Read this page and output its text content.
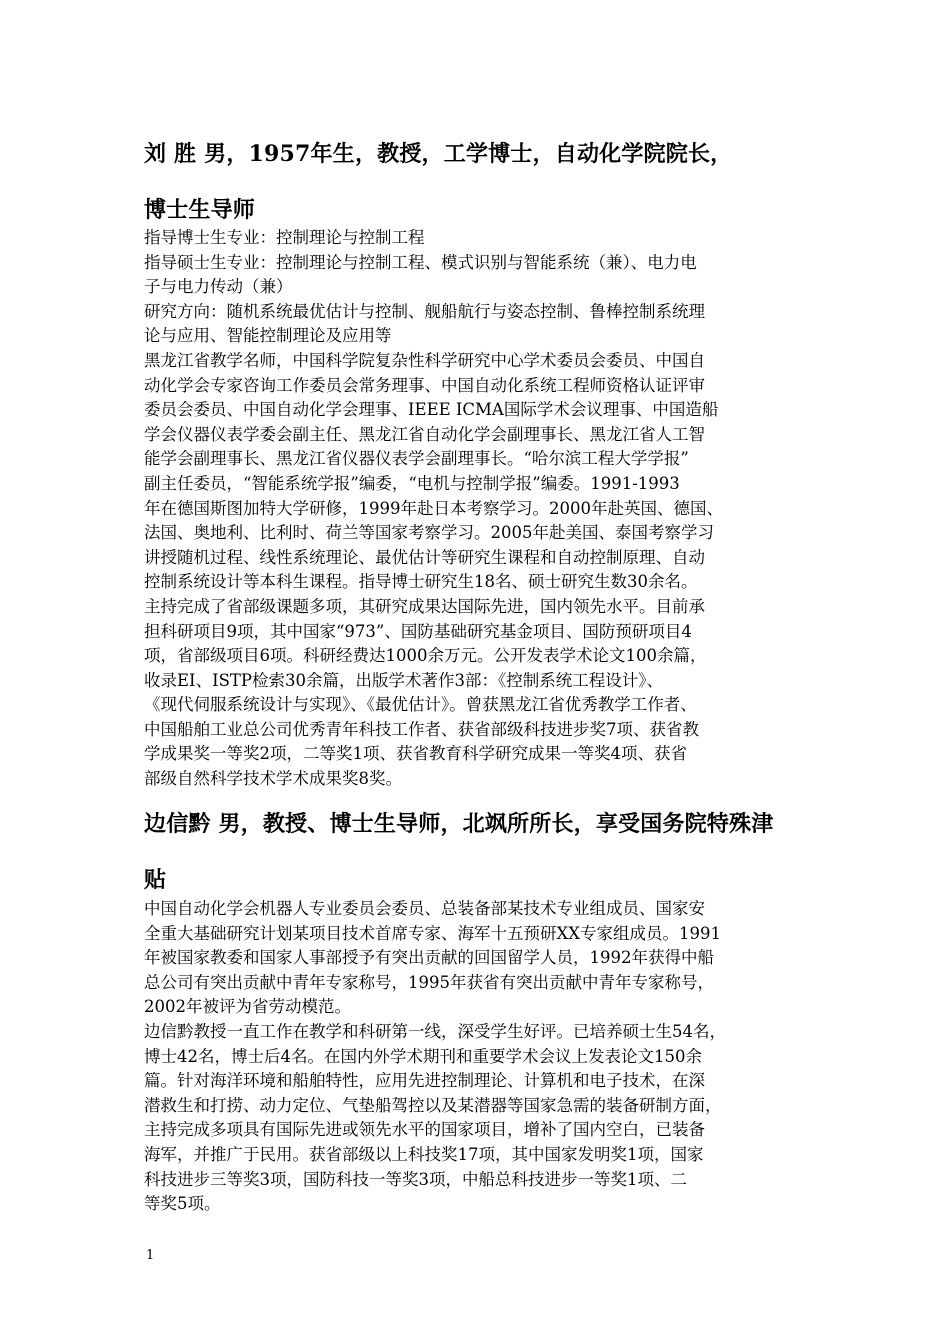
刘 胜 男，1957年生，教授，工学博士，自动化学院院长，
博士生导师
指导博士生专业：控制理论与控制工程
指导硕士生专业：控制理论与控制工程、模式识别与智能系统（兼）、电力电
子与电力传动（兼）
研究方向：随机系统最优估计与控制、舰船航行与姿态控制、鲁棒控制系统理
论与应用、智能控制理论及应用等
黑龙江省教学名师，中国科学院复杂性科学研究中心学术委员会委员、中国自
动化学会专家咨询工作委员会常务理事、中国自动化系统工程师资格认证评审
委员会委员、中国自动化学会理事、IEEE ICMA国际学术会议理事、中国造船
学会仪器仪表学委会副主任、黑龙江省自动化学会副理事长、黑龙江省人工智
能学会副理事长、黑龙江省仪器仪表学会副理事长。“哈尔滨工程大学学报”
副主任委员，“智能系统学报”编委，“电机与控制学报”编委。1991-1993
年在德国斯图加特大学研修，1999年赴日本考察学习。2000年赴英国、德国、
法国、奥地利、比利时、荷兰等国家考察学习。2005年赴美国、泰国考察学习
讲授随机过程、线性系统理论、最优估计等研究生课程和自动控制原理、自动
控制系统设计等本科生课程。指导博士研究生18名、硕士研究生数30余名。
主持完成了省部级课题多项，其研究成果达国际先进，国内领先水平。目前承
担科研项目9项，其中国家“973”、国防基础研究基金项目、国防预研项目4
项，省部级项目6项。科研经费达1000余万元。公开发表学术论文100余篇，
收录EI、ISTP检索30余篇，出版学术著作3部：《控制系统工程设计》、
《现代伺服系统设计与实现》、《最优估计》。曾获黑龙江省优秀教学工作者、
中国船舶工业总公司优秀青年科技工作者、获省部级科技进步奖7项、获省教
学成果奖一等奖2项，二等奖1项、获省教育科学研究成果一等奖4项、获省
部级自然科学技术学术成果奖8奖。
边信黔 男，教授、博士生导师，北飒所所长，享受国务院特殊津
贴
中国自动化学会机器人专业委员会委员、总装备部某技术专业组成员、国家安
全重大基础研究计划某项目技术首席专家、海军十五预研XX专家组成员。1991
年被国家教委和国家人事部授予有突出贡献的回国留学人员，1992年获得中船
总公司有突出贡献中青年专家称号，1995年获省有突出贡献中青年专家称号，
2002年被评为省劳动模范。
边信黔教授一直工作在教学和科研第一线，深受学生好评。已培养硕士生54名，
博士42名，博士后4名。在国内外学术期刊和重要学术会议上发表论文150余
篇。针对海洋环境和船舶特性，应用先进控制理论、计算机和电子技术，在深
潜救生和打捞、动力定位、气垫船驾控以及某潜器等国家急需的装备研制方面，
主持完成多项具有国际先进或领先水平的国家项目，增补了国内空白，已装备
海军，并推广于民用。获省部级以上科技奖17项，其中国家发明奖1项，国家
科技进步三等奖3项，国防科技一等奖3项，中船总科技进步一等奖1项、二
等奖5项。
1
